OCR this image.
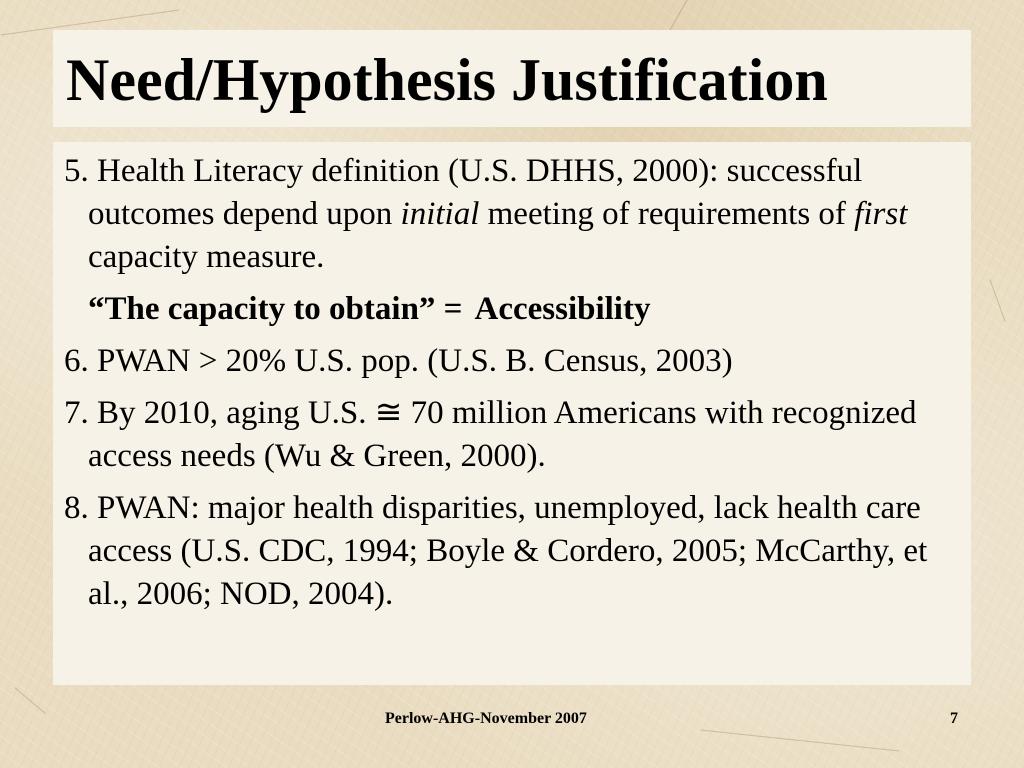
Need/Hypothesis Justification

5. Health Literacy definition (U.S. DHHS, 2000): successful outcomes depend upon initial meeting of requirements of first capacity measure.

“The capacity to obtain” = Accessibility

6. PWAN > 20% U.S. pop. (U.S. B. Census, 2003)

7. By 2010, aging U.S. ≅ 70 million Americans with recognized access needs (Wu & Green, 2000).

8. PWAN: major health disparities, unemployed, lack health care access (U.S. CDC, 1994; Boyle & Cordero, 2005; McCarthy, et al., 2006; NOD, 2004).

Perlow-AHG-November 2007	7
